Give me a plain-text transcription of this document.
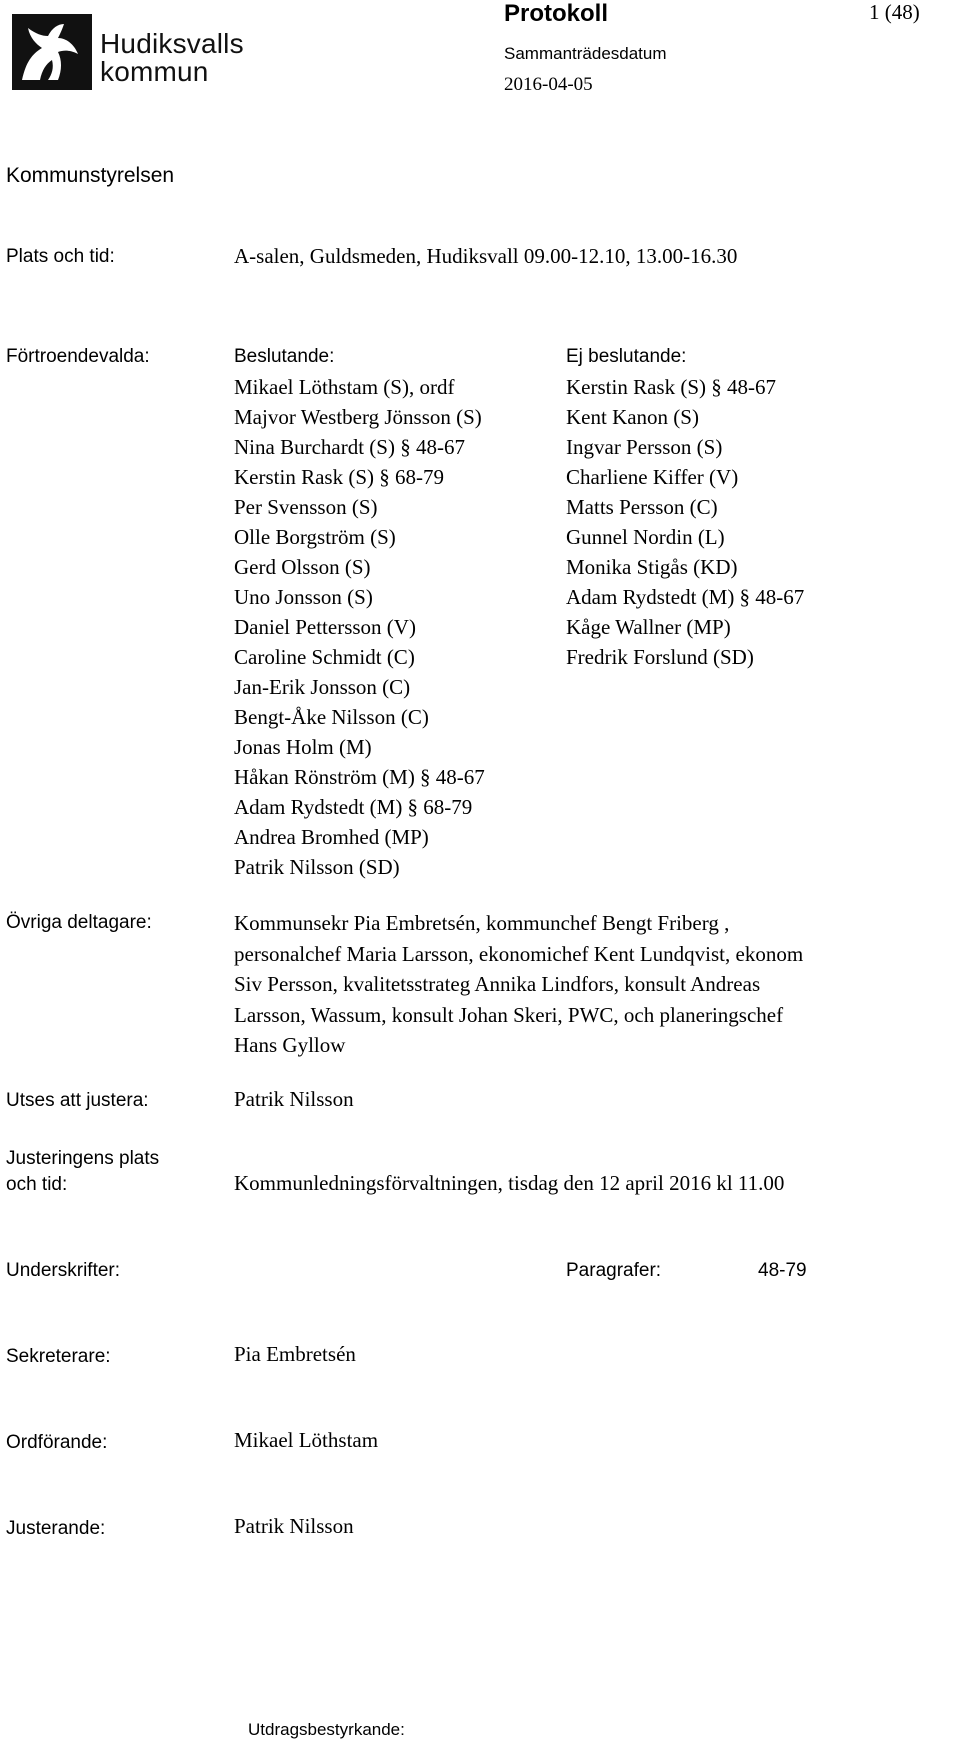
Hudiksvalls
kommun
Protokoll	1 (48)
Sammanträdesdatum
2016-04-05
Kommunstyrelsen
Plats och tid:	A-salen, Guldsmeden, Hudiksvall 09.00-12.10, 13.00-16.30
Förtroendevalda:	Beslutande:
Mikael Löthstam (S), ordf
Majvor Westberg Jönsson (S)
Nina Burchardt (S) § 48-67
Kerstin Rask (S) § 68-79
Per Svensson (S)
Olle Borgström (S)
Gerd Olsson (S)
Uno Jonsson (S)
Daniel Pettersson (V)
Caroline Schmidt (C)
Jan-Erik Jonsson (C)
Bengt-Åke Nilsson (C)
Jonas Holm (M)
Håkan Rönström (M) § 48-67
Adam Rydstedt (M) § 68-79
Andrea Bromhed (MP)
Patrik Nilsson (SD)
Ej beslutande:
Kerstin Rask (S) § 48-67
Kent Kanon (S)
Ingvar Persson (S)
Charliene Kiffer (V)
Matts Persson (C)
Gunnel Nordin (L)
Monika Stigås (KD)
Adam Rydstedt (M) § 48-67
Kåge Wallner (MP)
Fredrik Forslund (SD)
Övriga deltagare:	Kommunsekr Pia Embretsén, kommunchef Bengt Friberg ,
personalchef Maria Larsson, ekonomichef Kent Lundqvist, ekonom
Siv Persson, kvalitetsstrateg Annika Lindfors, konsult Andreas
Larsson, Wassum, konsult Johan Skeri, PWC, och planeringschef
Hans Gyllow
Utses att justera:	Patrik Nilsson
Justeringens plats
och tid:	Kommunledningsförvaltningen, tisdag den 12 april 2016 kl 11.00
Underskrifter:	Paragrafer:	48-79
Sekreterare:	Pia Embretsén
Ordförande:	Mikael Löthstam
Justerande:	Patrik Nilsson
Utdragsbestyrkande:
